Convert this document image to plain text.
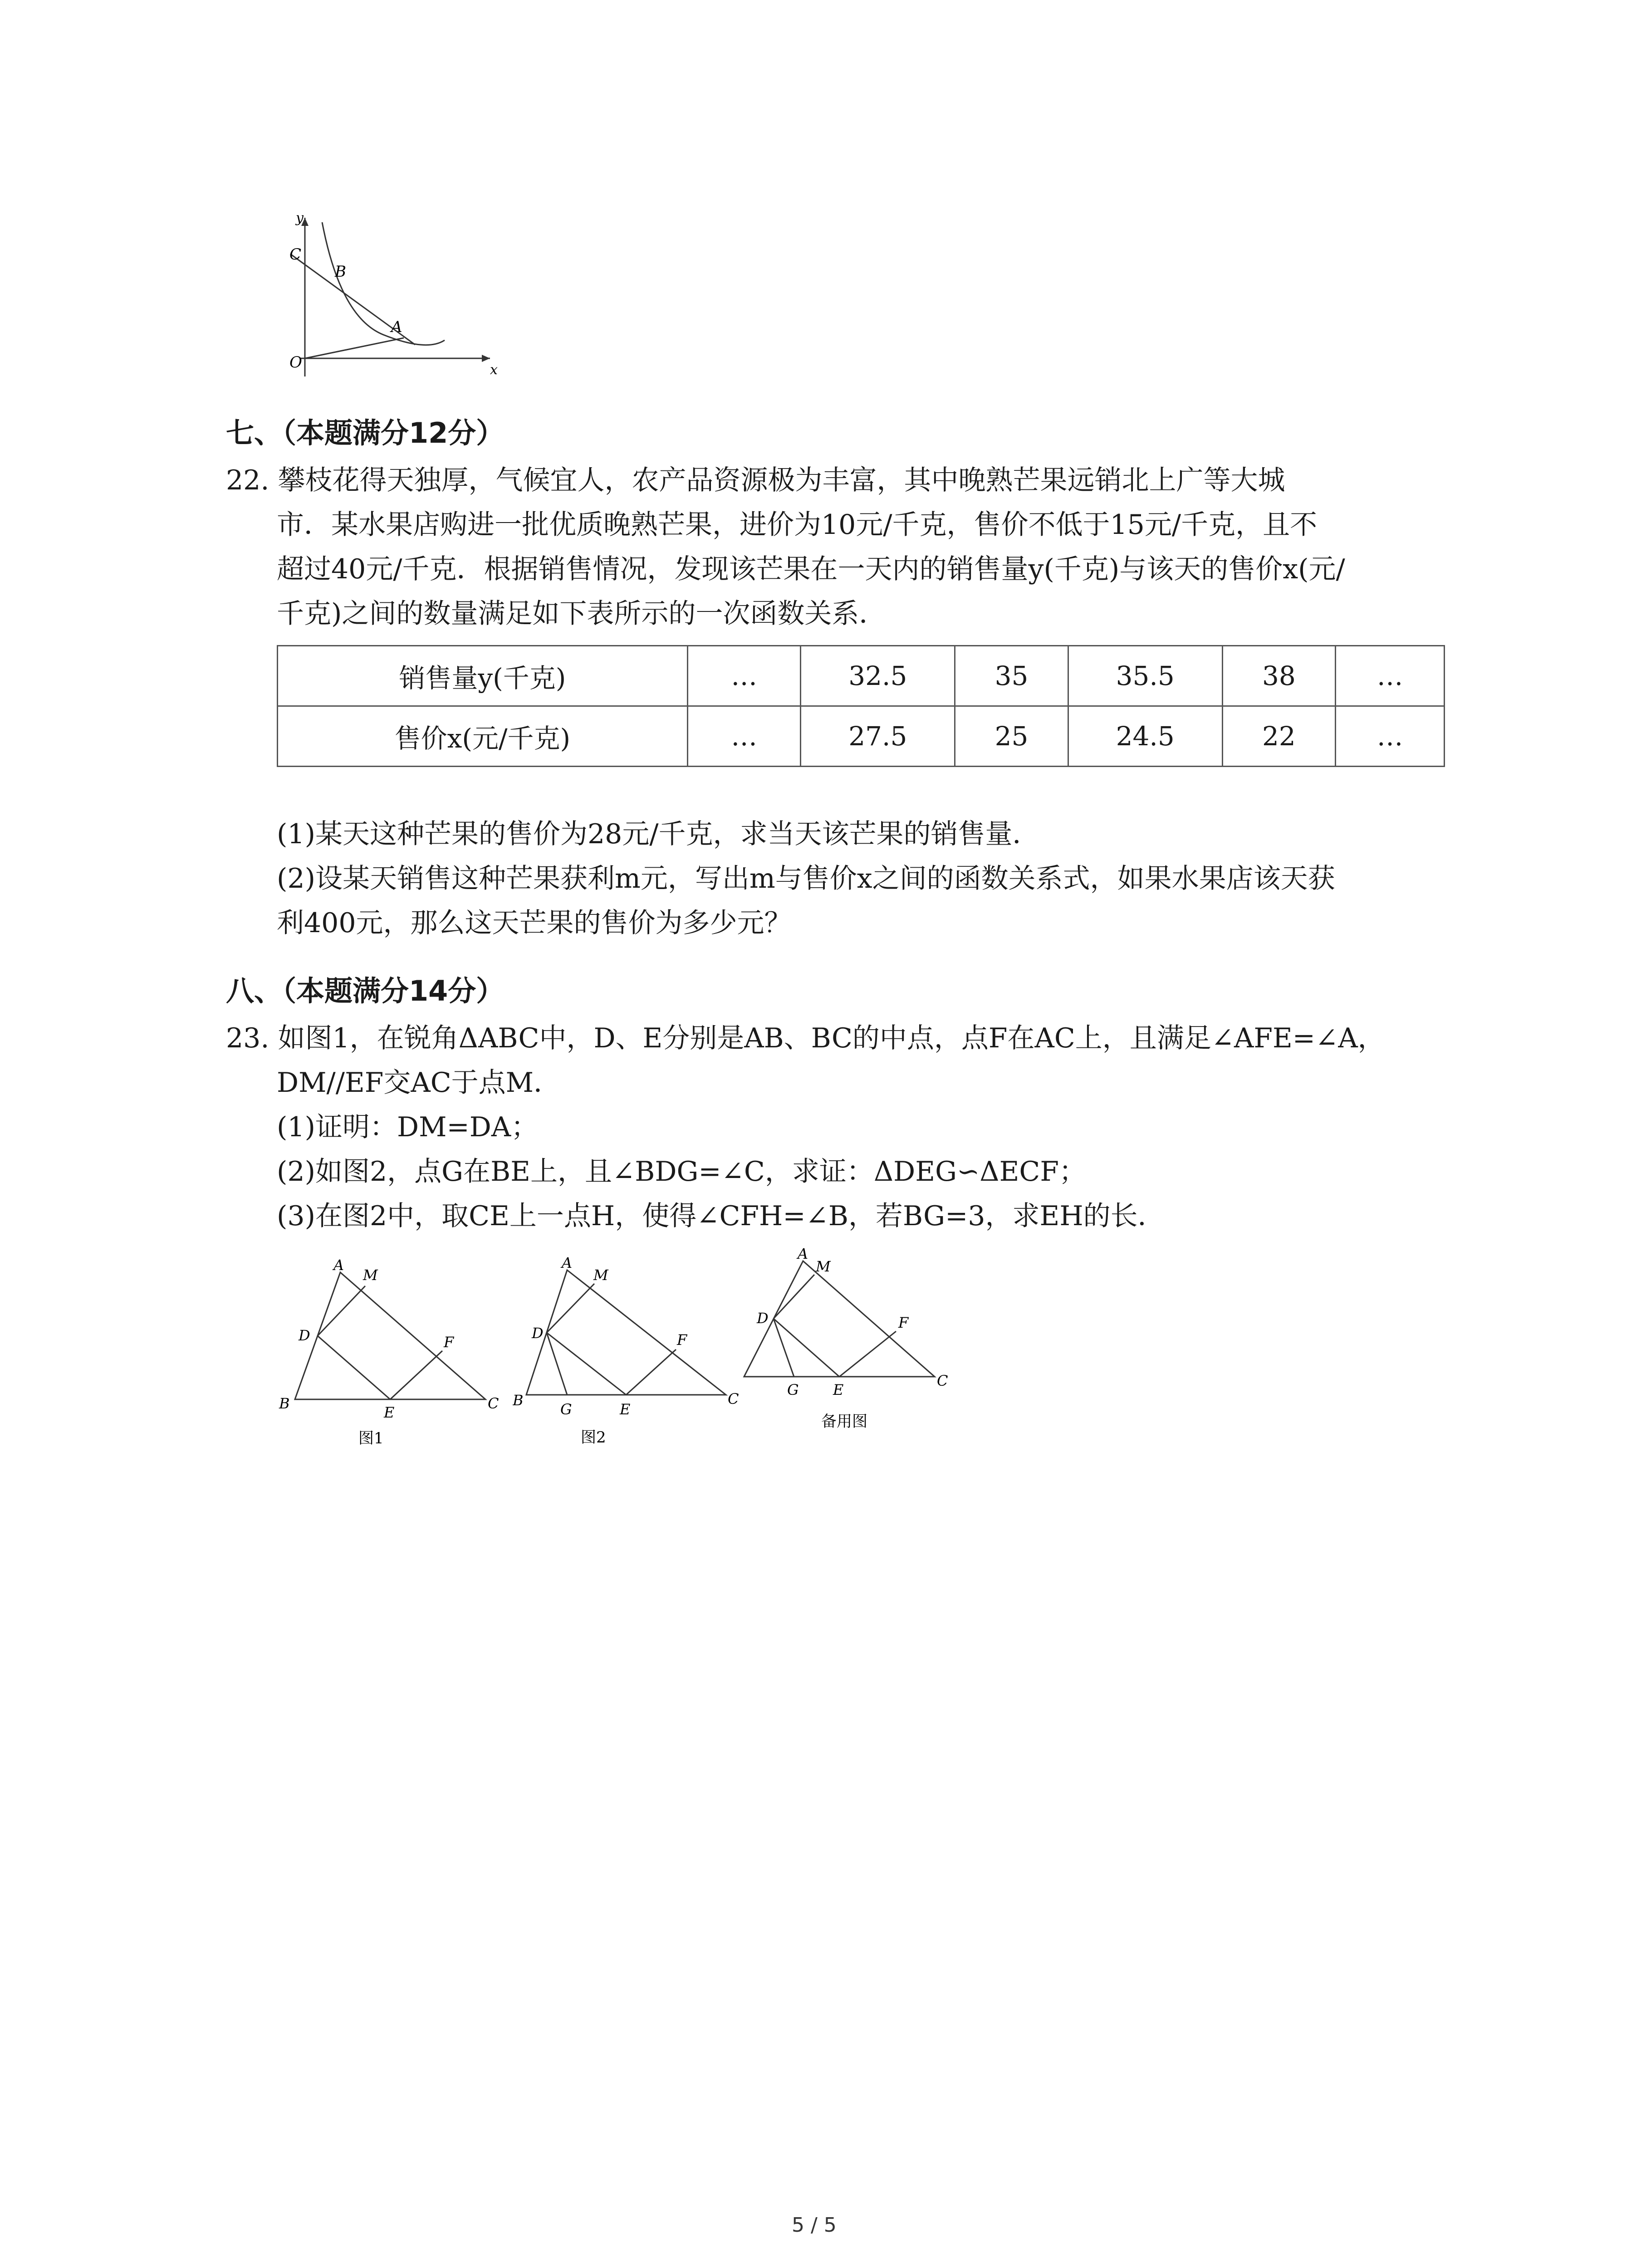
y
x
O
C
B
A
七、（本题满分12分）
22. 攀枝花得天独厚，气候宜人，农产品资源极为丰富，其中晚熟芒果远销北上广等大城
市．某水果店购进一批优质晚熟芒果，进价为10元/千克，售价不低于15元/千克，且不
超过40元/千克．根据销售情况，发现该芒果在一天内的销售量y(千克)与该天的售价x(元/
千克)之间的数量满足如下表所示的一次函数关系．
销售量y(千克)	…	32.5	35	35.5	38	…
售价x(元/千克)	…	27.5	25	24.5	22	…
(1)某天这种芒果的售价为28元/千克，求当天该芒果的销售量．
(2)设某天销售这种芒果获利m元，写出m与售价x之间的函数关系式，如果水果店该天获
利400元，那么这天芒果的售价为多少元？
八、（本题满分14分）
23. 如图1，在锐角ΔABC中，D、E分别是AB、BC的中点，点F在AC上，且满足∠AFE=∠A，
DM//EF交AC于点M．
(1)证明：DM=DA；
(2)如图2，点G在BE上，且∠BDG=∠C，求证：ΔDEG∽ΔECF；
(3)在图2中，取CE上一点H，使得∠CFH=∠B，若BG=3，求EH的长．
A
M
D	F
B
E
C
图1
A
M
D	F
B
G	E
C
图2
A
M
D	F
G E
C
备用图
5 / 5
